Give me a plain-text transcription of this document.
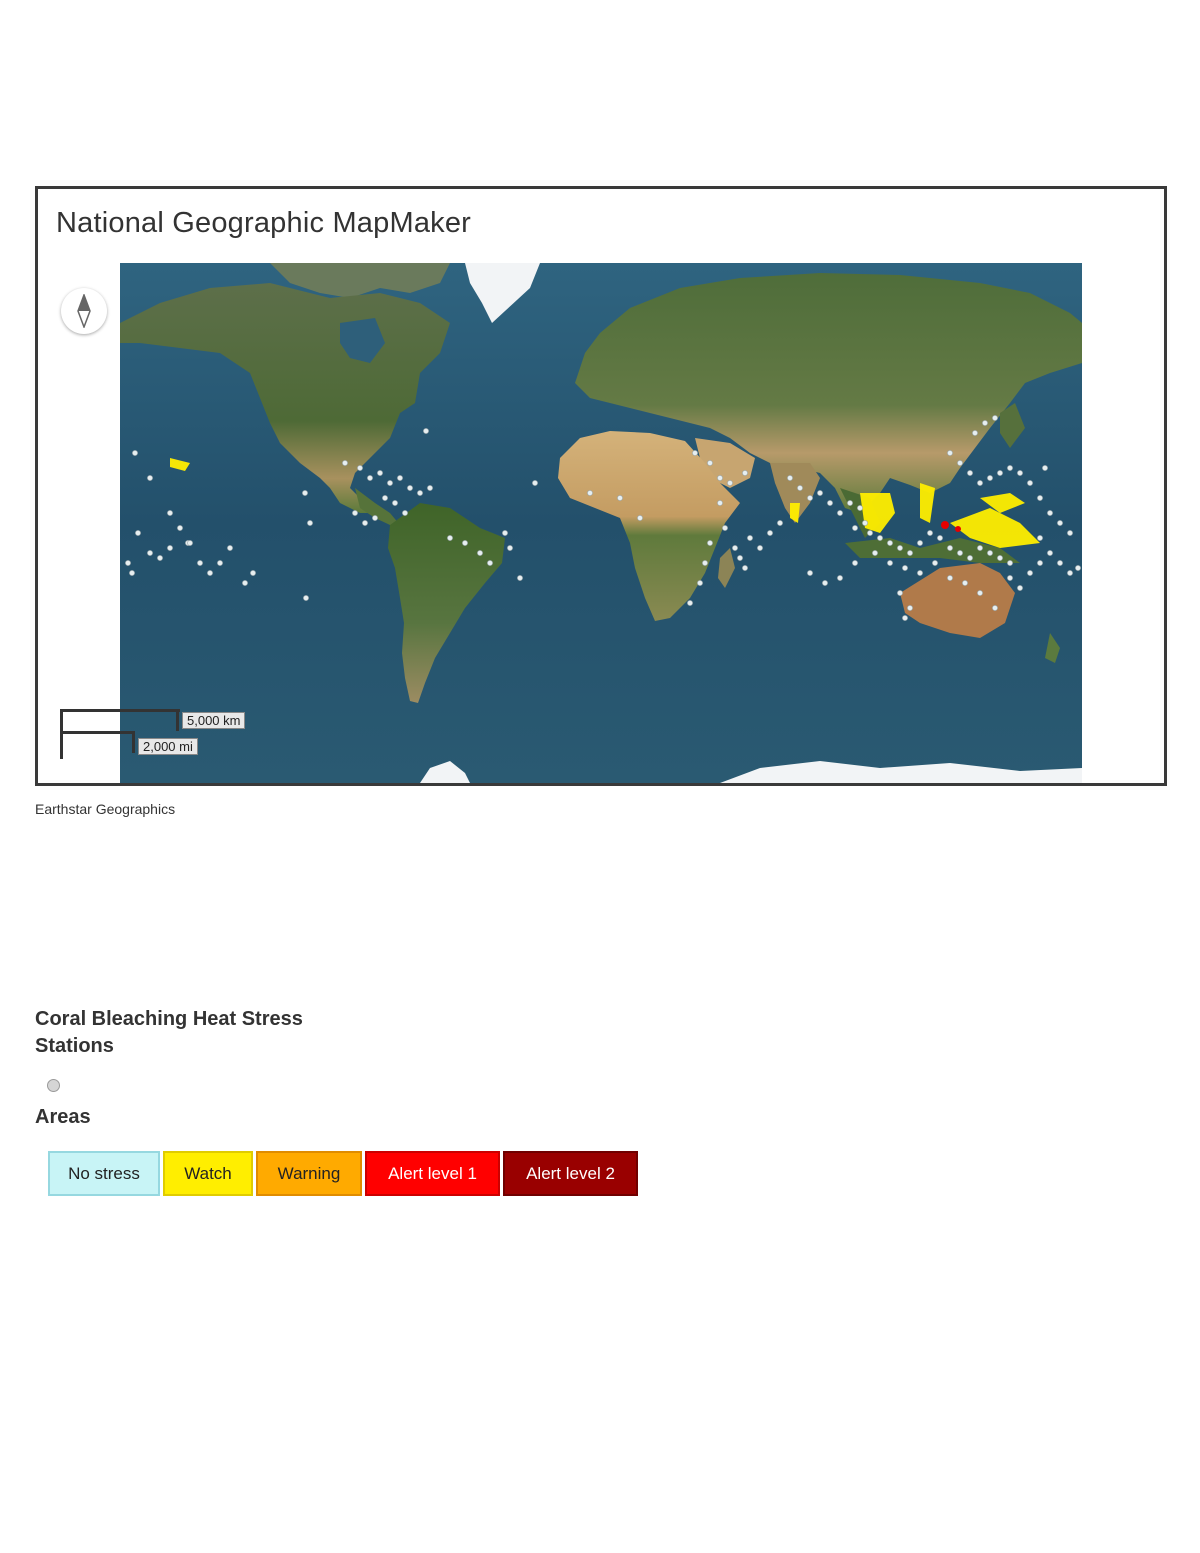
National Geographic MapMaker
5,000 km
2,000 mi
Earthstar Geographics
Coral Bleaching Heat Stress
Stations
Areas
No stress	Watch	Warning	Alert level 1	Alert level 2
